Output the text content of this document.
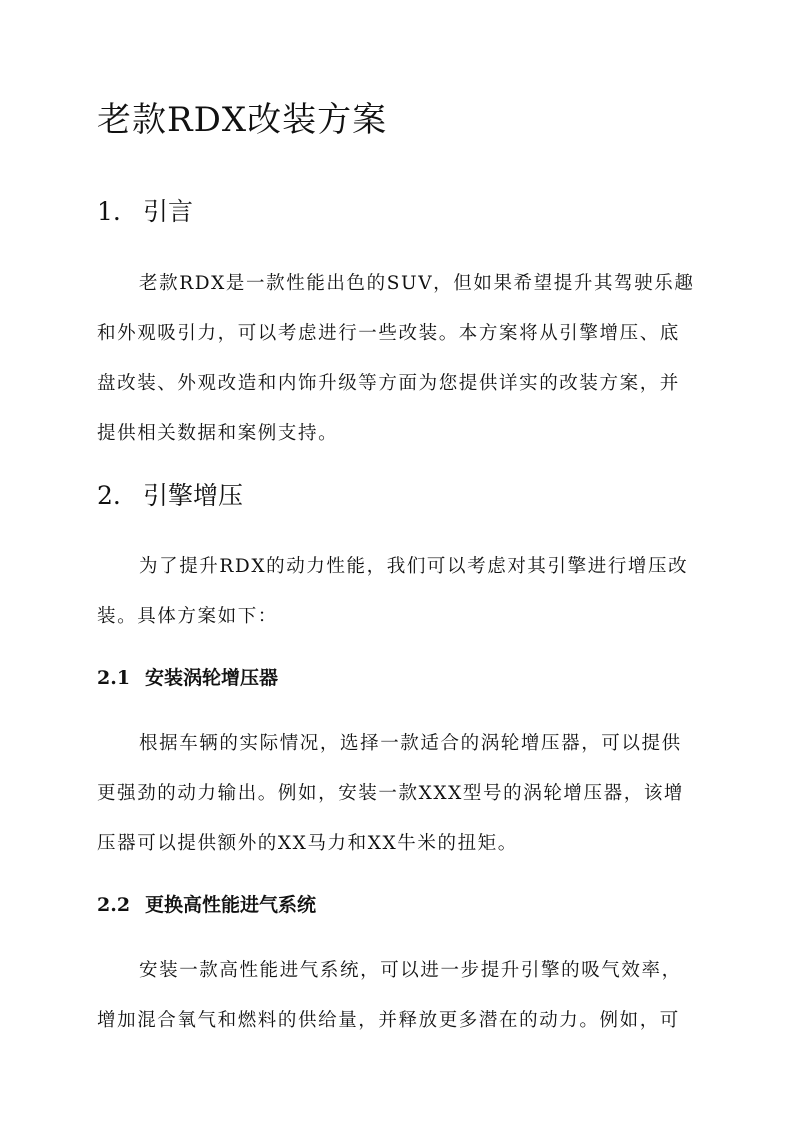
老款RDX改装方案
1. 引言

老款RDX是一款性能出色的SUV，但如果希望提升其驾驶乐趣
和外观吸引力，可以考虑进行一些改装。本方案将从引擎增压、底
盘改装、外观改造和内饰升级等方面为您提供详实的改装方案，并
提供相关数据和案例支持。

2. 引擎增压

为了提升RDX的动力性能，我们可以考虑对其引擎进行增压改
装。具体方案如下：

2.1 安装涡轮增压器

根据车辆的实际情况，选择一款适合的涡轮增压器，可以提供
更强劲的动力输出。例如，安装一款XXX型号的涡轮增压器，该增
压器可以提供额外的XX马力和XX牛米的扭矩。

2.2 更换高性能进气系统

安装一款高性能进气系统，可以进一步提升引擎的吸气效率，
增加混合氧气和燃料的供给量，并释放更多潜在的动力。例如，可
